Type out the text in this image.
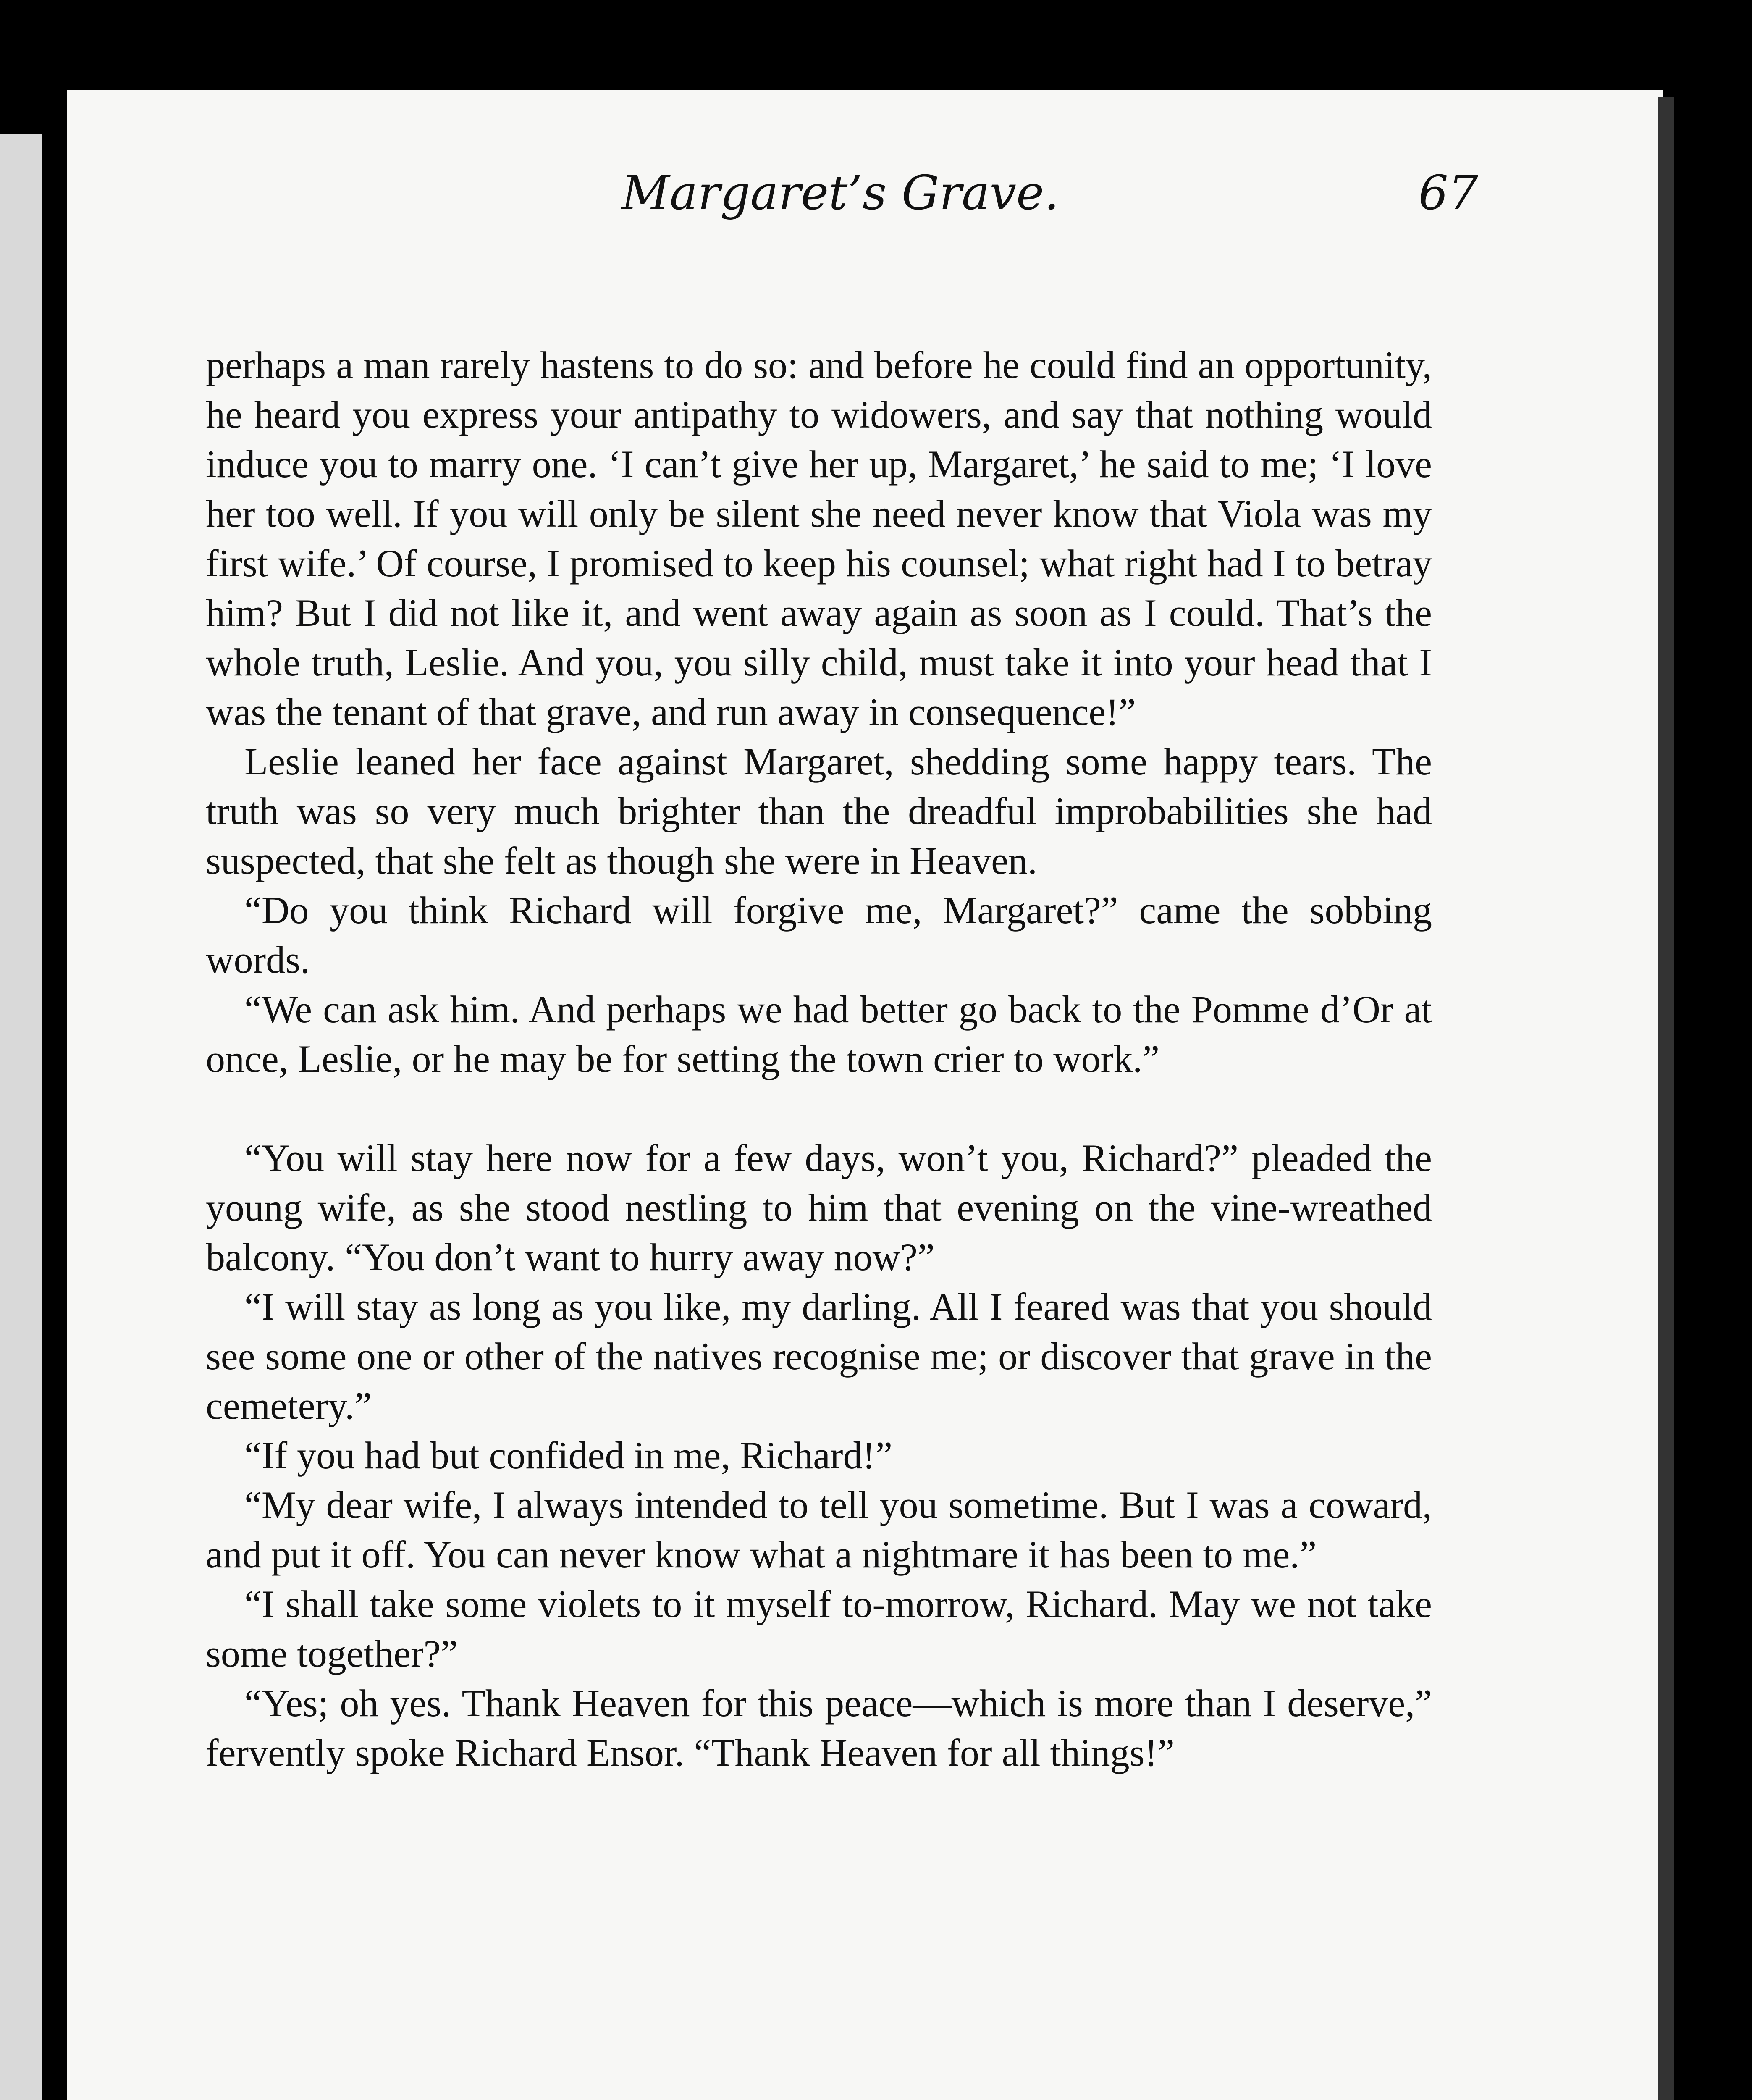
Margaret’s Grave.	67

perhaps a man rarely hastens to do so: and before he could find an opportunity, he heard you express your antipathy to widowers, and say that nothing would induce you to marry one. ‘I can’t give her up, Margaret,’ he said to me; ‘I love her too well. If you will only be silent she need never know that Viola was my first wife.’ Of course, I promised to keep his counsel; what right had I to betray him? But I did not like it, and went away again as soon as I could. That’s the whole truth, Leslie. And you, you silly child, must take it into your head that I was the tenant of that grave, and run away in consequence!”

Leslie leaned her face against Margaret, shedding some happy tears. The truth was so very much brighter than the dreadful improbabilities she had suspected, that she felt as though she were in Heaven.

“Do you think Richard will forgive me, Margaret?” came the sobbing words.

“We can ask him. And perhaps we had better go back to the Pomme d’Or at once, Leslie, or he may be for setting the town crier to work.”

“You will stay here now for a few days, won’t you, Richard?” pleaded the young wife, as she stood nestling to him that evening on the vine-wreathed balcony. “You don’t want to hurry away now?”

“I will stay as long as you like, my darling. All I feared was that you should see some one or other of the natives recognise me; or discover that grave in the cemetery.”

“If you had but confided in me, Richard!”

“My dear wife, I always intended to tell you sometime. But I was a coward, and put it off. You can never know what a nightmare it has been to me.”

“I shall take some violets to it myself to-morrow, Richard. May we not take some together?”

“Yes; oh yes. Thank Heaven for this peace—which is more than I deserve,” fervently spoke Richard Ensor. “Thank Heaven for all things!”
